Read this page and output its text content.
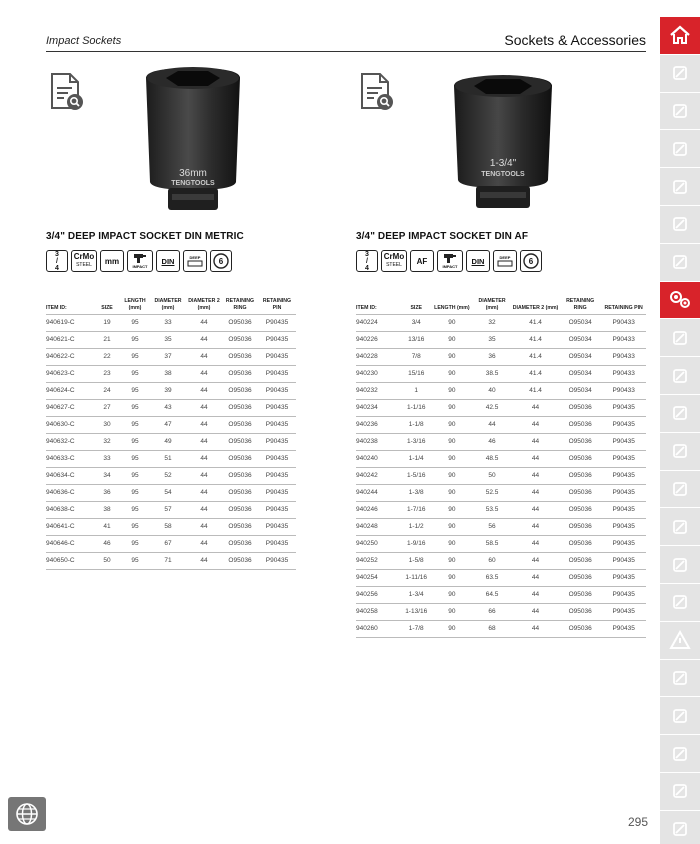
Impact Sockets	Sockets & Accessories
36mm
TENGTOOLS
3/4" DEEP IMPACT SOCKET DIN METRIC
3
/
4
CrMo
STEEL	mm
IMPACT
DIN	DEEP 6
ITEM ID:	SIZE	LENGTH (mm)	DIAMETER (mm)	DIAMETER 2 (mm)	RETAINING RING	RETAINING PIN
940619-C	19	95	33	44	O95036	P90435
940621-C	21	95	35	44	O95036	P90435
940622-C	22	95	37	44	O95036	P90435
940623-C	23	95	38	44	O95036	P90435
940624-C	24	95	39	44	O95036	P90435
940627-C	27	95	43	44	O95036	P90435
940630-C	30	95	47	44	O95036	P90435
940632-C	32	95	49	44	O95036	P90435
940633-C	33	95	51	44	O95036	P90435
940634-C	34	95	52	44	O95036	P90435
940636-C	36	95	54	44	O95036	P90435
940638-C	38	95	57	44	O95036	P90435
940641-C	41	95	58	44	O95036	P90435
940646-C	46	95	67	44	O95036	P90435
940650-C	50	95	71	44	O95036	P90435
1-3/4"
TENGTOOLS
3/4" DEEP IMPACT SOCKET DIN AF
3
/
4
CrMo
STEEL	AF
IMPACT
DIN	DEEP 6
ITEM ID:	SIZE	LENGTH (mm)	DIAMETER (mm)	DIAMETER 2 (mm)	RETAINING RING	RETAINING PIN
940224	3/4	90	32	41.4	O95034	P90433
940226	13/16	90	35	41.4	O95034	P90433
940228	7/8	90	36	41.4	O95034	P90433
940230	15/16	90	38.5	41.4	O95034	P90433
940232	1	90	40	41.4	O95034	P90433
940234	1-1/16	90	42.5	44	O95036	P90435
940236	1-1/8	90	44	44	O95036	P90435
940238	1-3/16	90	46	44	O95036	P90435
940240	1-1/4	90	48.5	44	O95036	P90435
940242	1-5/16	90	50	44	O95036	P90435
940244	1-3/8	90	52.5	44	O95036	P90435
940246	1-7/16	90	53.5	44	O95036	P90435
940248	1-1/2	90	56	44	O95036	P90435
940250	1-9/16	90	58.5	44	O95036	P90435
940252	1-5/8	90	60	44	O95036	P90435
940254	1-11/16	90	63.5	44	O95036	P90435
940256	1-3/4	90	64.5	44	O95036	P90435
940258	1-13/16	90	66	44	O95036	P90435
940260	1-7/8	90	68	44	O95036	P90435
295
